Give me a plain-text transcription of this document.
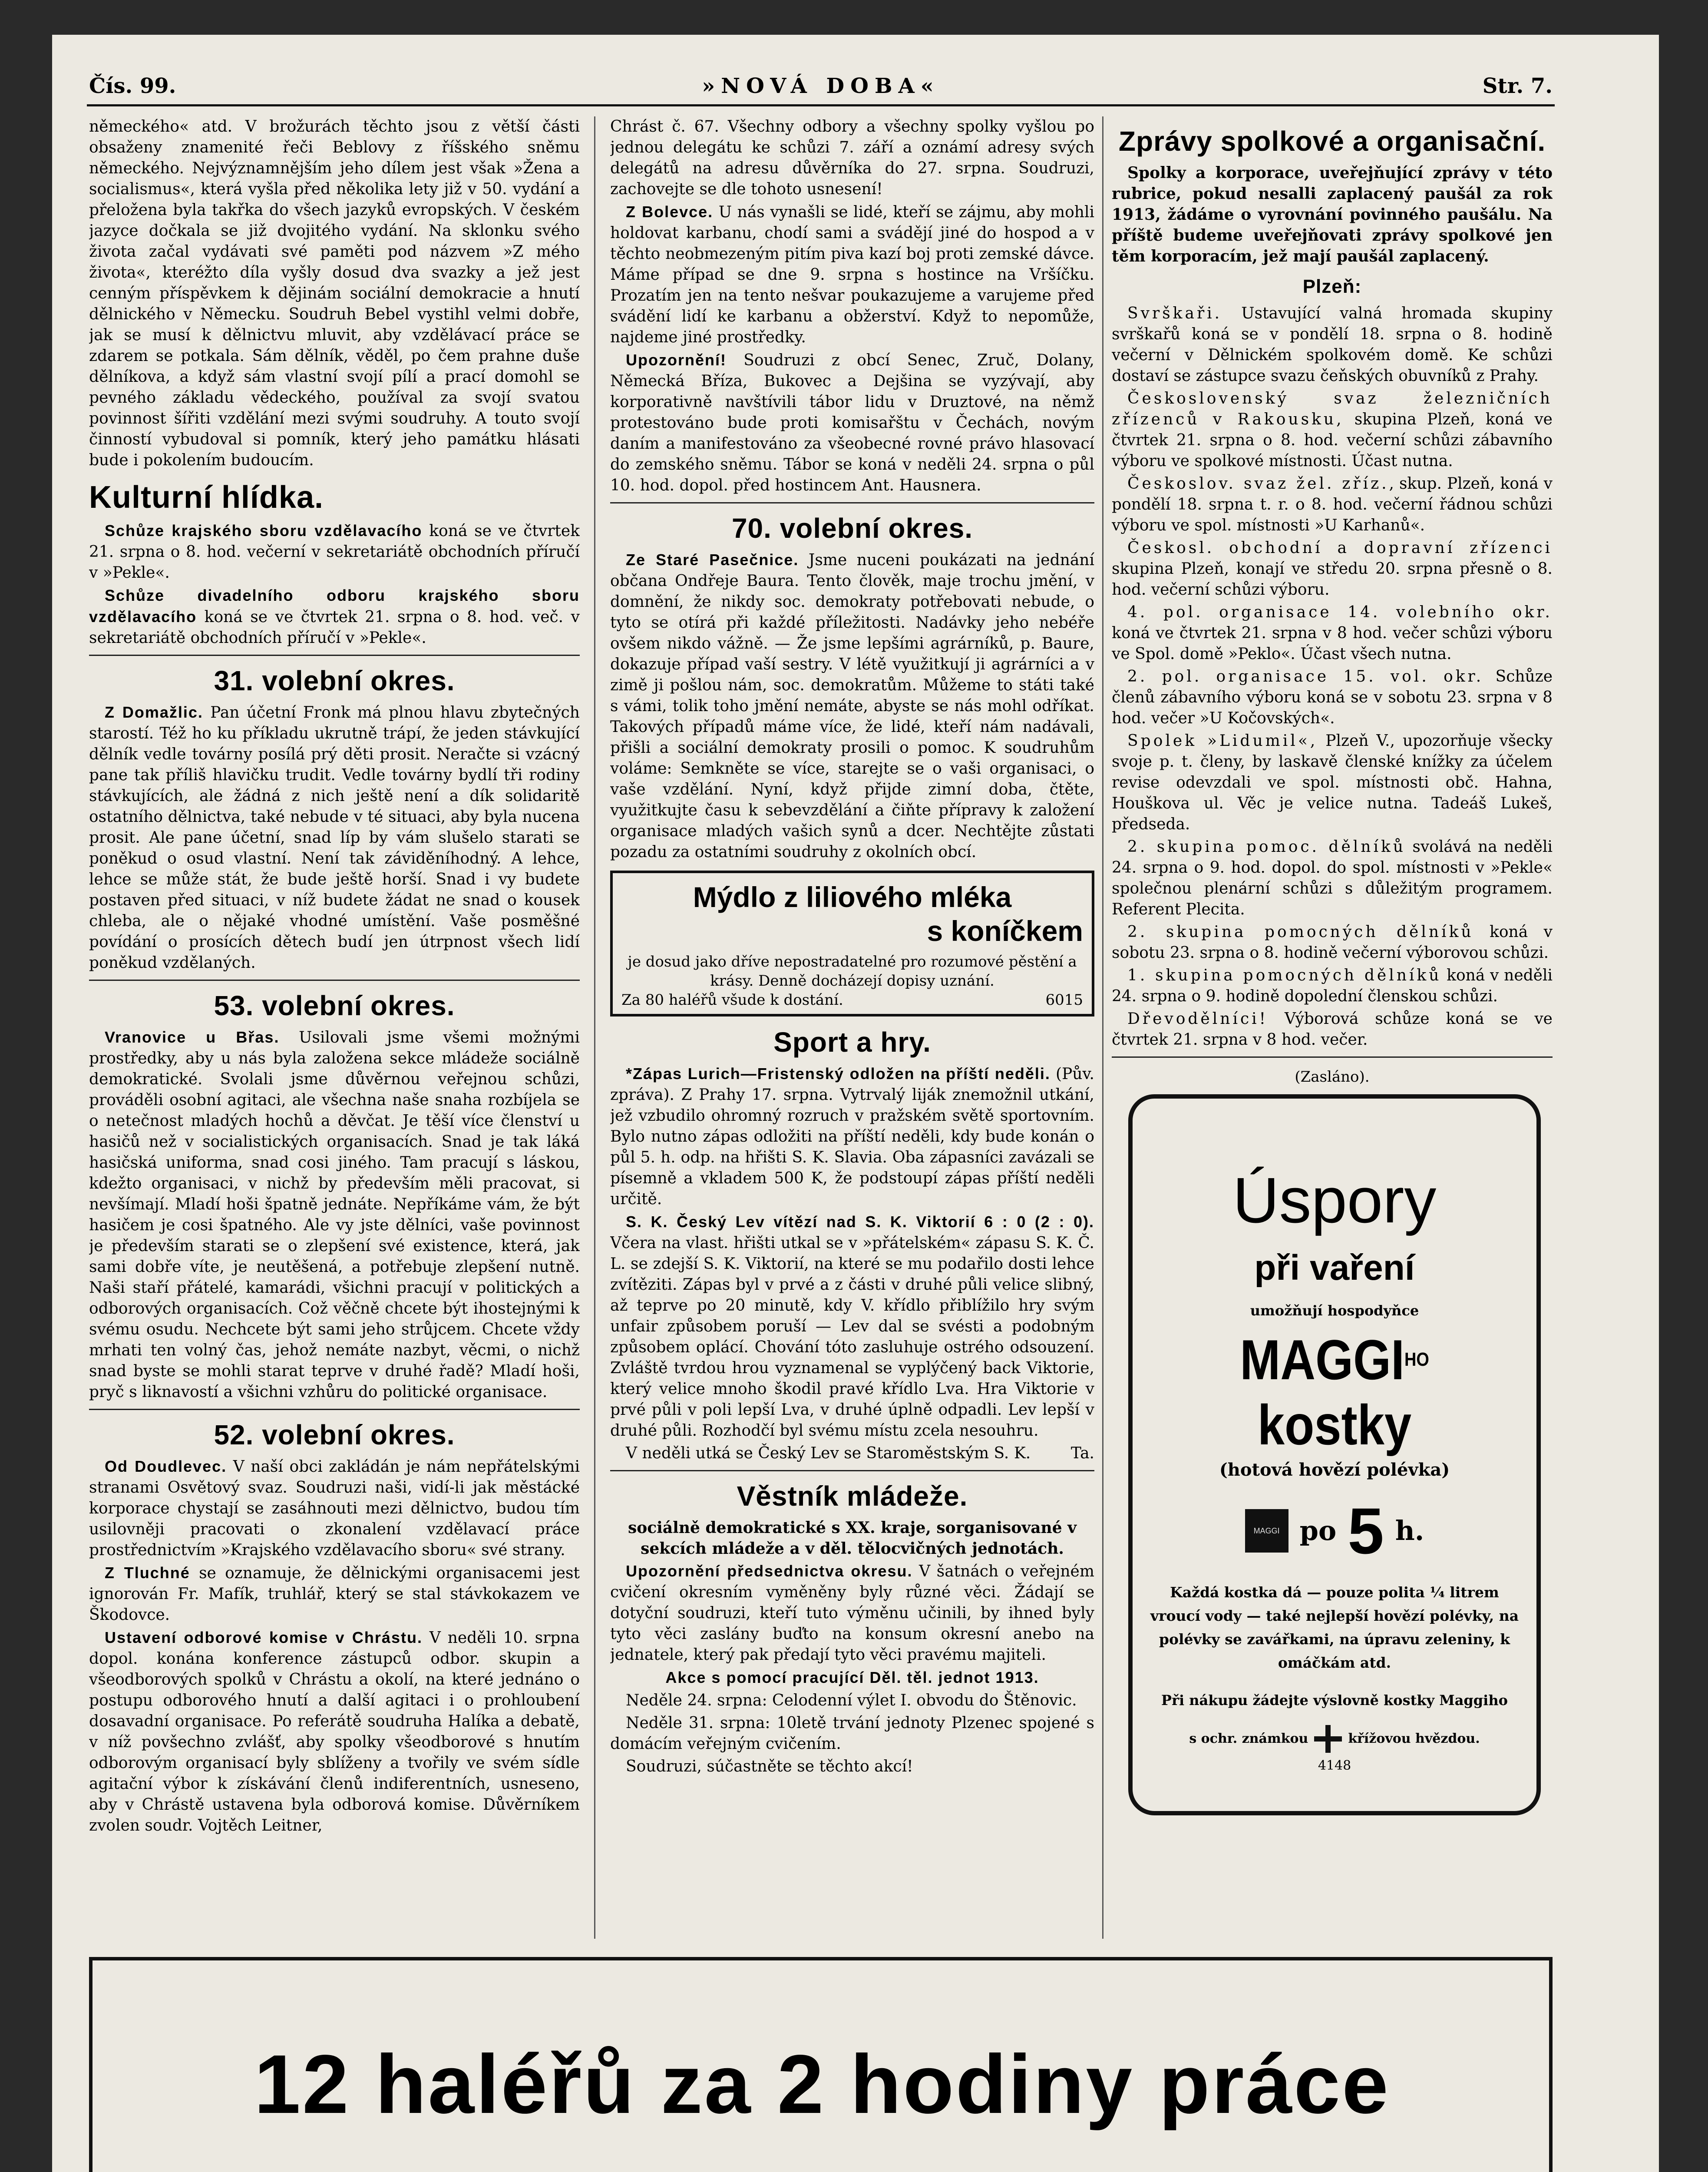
Čís. 99.	»NOVÁ DOBA«	Str. 7.

německého« atd. V brožurách těchto jsou z větší části obsaženy znamenité řeči Beblovy z říšského sněmu německého. Nejvýznamnějším jeho dílem jest však »Žena a socialismus«, která vyšla před několika lety již v 50. vydání a přeložena byla takřka do všech jazyků evropských. V českém jazyce dočkala se již dvojitého vydání. Na sklonku svého života začal vydávati své paměti pod názvem »Z mého života«, kteréžto díla vyšly dosud dva svazky a jež jest cenným příspěvkem k dějinám sociální demokracie a hnutí dělnického v Německu. Soudruh Bebel vystihl velmi dobře, jak se musí k dělnictvu mluvit, aby vzdělávací práce se zdarem se potkala. Sám dělník, věděl, po čem prahne duše dělníkova, a když sám vlastní svojí pílí a prací domohl se pevného základu vědeckého, používal za svojí svatou povinnost šířiti vzdělání mezi svými soudruhy. A touto svojí činností vybudoval si pomník, který jeho památku hlásati bude i pokolením budoucím.

Kulturní hlídka.

Schůze krajského sboru vzdělavacího koná se ve čtvrtek 21. srpna o 8. hod. večerní v sekretariátě obchodních příručí v »Pekle«.

Schůze divadelního odboru krajského sboru vzdělavacího koná se ve čtvrtek 21. srpna o 8. hod. več. v sekretariátě obchodních příručí v »Pekle«.

31. volební okres.

Z Domažlic. Pan účetní Fronk má plnou hlavu zbytečných starostí. Též ho ku příkladu ukrutně trápí, že jeden stávkující dělník vedle továrny posílá prý děti prosit. Neračte si vzácný pane tak příliš hlavičku trudit. Vedle továrny bydlí tři rodiny stávkujících, ale žádná z nich ještě není a dík solidaritě ostatního dělnictva, také nebude v té situaci, aby byla nucena prosit. Ale pane účetní, snad líp by vám slušelo starati se poněkud o osud vlastní. Není tak záviděníhodný. A lehce, lehce se může stát, že bude ještě horší. Snad i vy budete postaven před situaci, v níž budete žádat ne snad o kousek chleba, ale o nějaké vhodné umístění. Vaše posměšné povídání o prosících dětech budí jen útrpnost všech lidí poněkud vzdělaných.

53. volební okres.

Vranovice u Břas. Usilovali jsme všemi možnými prostředky, aby u nás byla založena sekce mládeže sociálně demokratické. Svolali jsme důvěrnou veřejnou schůzi, prováděli osobní agitaci, ale všechna naše snaha rozbíjela se o netečnost mladých hochů a děvčat. Je těší více členství u hasičů než v socialistických organisacích. Snad je tak láká hasičská uniforma, snad cosi jiného. Tam pracují s láskou, kdežto organisaci, v nichž by především měli pracovat, si nevšímají. Mladí hoši špatně jednáte. Nepříkáme vám, že být hasičem je cosi špatného. Ale vy jste dělníci, vaše povinnost je především starati se o zlepšení své existence, která, jak sami dobře víte, je neutěšená, a potřebuje zlepšení nutně. Naši staří přátelé, kamarádi, všichni pracují v politických a odborových organisacích. Což věčně chcete být ihostejnými k svému osudu. Nechcete být sami jeho strůjcem. Chcete vždy mrhati ten volný čas, jehož nemáte nazbyt, věcmi, o nichž snad byste se mohli starat teprve v druhé řadě? Mladí hoši, pryč s liknavostí a všichni vzhůru do politické organisace.

52. volební okres.

Od Doudlevec. V naší obci zakládán je nám nepřátelskými stranami Osvětový svaz. Soudruzi naši, vidí-li jak městácké korporace chystají se zasáhnouti mezi dělnictvo, budou tím usilovněji pracovati o zkonalení vzdělavací práce prostřednictvím »Krajského vzdělavacího sboru« své strany.

Z Tluchné se oznamuje, že dělnickými organisacemi jest ignorován Fr. Mafík, truhlář, který se stal stávkokazem ve Škodovce.

Ustavení odborové komise v Chrástu. V neděli 10. srpna dopol. konána konference zástupců odbor. skupin a všeodborových spolků v Chrástu a okolí, na které jednáno o postupu odborového hnutí a další agitaci i o prohloubení dosavadní organisace. Po referátě soudruha Halíka a debatě, v níž povšechno zvlášť, aby spolky všeodborové s hnutím odborovým organisací byly sblíženy a tvořily ve svém sídle agitační výbor k získávání členů indiferentních, usneseno, aby v Chrástě ustavena byla odborová komise. Důvěrníkem zvolen soudr. Vojtěch Leitner,

Chrást č. 67. Všechny odbory a všechny spolky vyšlou po jednou delegátu ke schůzi 7. září a oznámí adresy svých delegátů na adresu důvěrníka do 27. srpna. Soudruzi, zachovejte se dle tohoto usnesení!

Z Bolevce. U nás vynašli se lidé, kteří se zájmu, aby mohli holdovat karbanu, chodí sami a svádějí jiné do hospod a v těchto neobmezeným pitím piva kazí boj proti zemské dávce. Máme případ se dne 9. srpna s hostince na Vršíčku. Prozatím jen na tento nešvar poukazujeme a varujeme před svádění lidí ke karbanu a obžerství. Když to nepomůže, najdeme jiné prostředky.

Upozornění! Soudruzi z obcí Senec, Zruč, Dolany, Německá Bříza, Bukovec a Dejšina se vyzývají, aby korporativně navštívili tábor lidu v Druztové, na němž protestováno bude proti komisařštu v Čechách, novým daním a manifestováno za všeobecné rovné právo hlasovací do zemského sněmu. Tábor se koná v neděli 24. srpna o půl 10. hod. dopol. před hostincem Ant. Hausnera.

70. volební okres.

Ze Staré Pasečnice. Jsme nuceni poukázati na jednání občana Ondřeje Baura. Tento člověk, maje trochu jmění, v domnění, že nikdy soc. demokraty potřebovati nebude, o tyto se otírá při každé příležitosti. Nadávky jeho nebéře ovšem nikdo vážně. — Že jsme lepšími agrárníků, p. Baure, dokazuje případ vaší sestry. V létě využitkují ji agrárníci a v zimě ji pošlou nám, soc. demokratům. Můžeme to státi také s vámi, tolik toho jmění nemáte, abyste se nás mohl odříkat. Takových případů máme více, že lidé, kteří nám nadávali, přišli a sociální demokraty prosili o pomoc. K soudruhům voláme: Semkněte se více, starejte se o vaši organisaci, o vaše vzdělání. Nyní, když přijde zimní doba, čtěte, využitkujte času k sebevzdělání a čiňte přípravy k založení organisace mladých vašich synů a dcer. Nechtějte zůstati pozadu za ostatními soudruhy z okolních obcí.

Mýdlo z liliového mléka
s koníčkem
je dosud jako dříve nepostradatelné pro rozumové pěstění a krásy. Denně docházejí dopisy uznání.
Za 80 haléřů všude k dostání.	6015
Sport a hry.

*Zápas Lurich—Fristenský odložen na příští neděli. (Pův. zpráva). Z Prahy 17. srpna. Vytrvalý liják znemožnil utkání, jež vzbudilo ohromný rozruch v pražském světě sportovním. Bylo nutno zápas odložiti na příští neděli, kdy bude konán o půl 5. h. odp. na hřišti S. K. Slavia. Oba zápasníci zavázali se písemně a vkladem 500 K, že podstoupí zápas příští neděli určitě.

S. K. Český Lev vítězí nad S. K. Viktorií 6 : 0 (2 : 0). Včera na vlast. hřišti utkal se v »přátelském« zápasu S. K. Č. L. se zdejší S. K. Viktorií, na které se mu podařilo dosti lehce zvítěziti. Zápas byl v prvé a z části v druhé půli velice slibný, až teprve po 20 minutě, kdy V. křídlo přiblížilo hry svým unfair způsobem poruší — Lev dal se svésti a podobným způsobem oplácí. Chování tóto zasluhuje ostrého odsouzení. Zvláště tvrdou hrou vyznamenal se vyplýčený back Viktorie, který velice mnoho škodil pravé křídlo Lva. Hra Viktorie v prvé půli v poli lepší Lva, v druhé úplně odpadli. Lev lepší v druhé půli. Rozhodčí byl svému místu zcela nesouhru.

V neděli utká se Český Lev se Staroměstským S. K.	Ta.

Věstník mládeže.

sociálně demokratické s XX. kraje, sorganisované v sekcích mládeže a v děl. tělocvičných jednotách.

Upozornění předsednictva okresu. V šatnách o veřejném cvičení okresním vyměněny byly různé věci. Žádají se dotyční soudruzi, kteří tuto výměnu učinili, by ihned byly tyto věci zaslány buďto na konsum okresní anebo na jednatele, který pak předají tyto věci pravému majiteli.

Akce s pomocí pracující Děl. těl. jednot 1913.

Neděle 24. srpna: Celodenní výlet I. obvodu do Štěnovic.

Neděle 31. srpna: 10letě trvání jednoty Plzenec spojené s domácím veřejným cvičením.

Soudruzi, súčastněte se těchto akcí!

Zprávy spolkové a organisační.

Spolky a korporace, uveřejňující zprávy v této rubrice, pokud nesalli zaplacený paušál za rok 1913, žádáme o vyrovnání povinného paušálu. Na příště budeme uveřejňovati zprávy spolkové jen těm korporacím, jež mají paušál zaplacený.

Plzeň:

Svrškaři. Ustavující valná hromada skupiny svrškařů koná se v pondělí 18. srpna o 8. hodině večerní v Dělnickém spolkovém domě. Ke schůzi dostaví se zástupce svazu čeňských obuvníků z Prahy.

Československý svaz železničních zřízenců v Rakousku, skupina Plzeň, koná ve čtvrtek 21. srpna o 8. hod. večerní schůzi zábavního výboru ve spolkové místnosti. Účast nutna.

Českoslov. svaz žel. zříz., skup. Plzeň, koná v pondělí 18. srpna t. r. o 8. hod. večerní řádnou schůzi výboru ve spol. místnosti »U Karhanů«.

Českosl. obchodní a dopravní zřízenci skupina Plzeň, konají ve středu 20. srpna přesně o 8. hod. večerní schůzi výboru.

4. pol. organisace 14. volebního okr. koná ve čtvrtek 21. srpna v 8 hod. večer schůzi výboru ve Spol. domě »Peklo«. Účast všech nutna.

2. pol. organisace 15. vol. okr. Schůze členů zábavního výboru koná se v sobotu 23. srpna v 8 hod. večer »U Kočovských«.

Spolek »Lidumil«, Plzeň V., upozorňuje všecky svoje p. t. členy, by laskavě členské knížky za účelem revise odevzdali ve spol. místnosti obč. Hahna, Houškova ul. Věc je velice nutna. Tadeáš Lukeš, předseda.

2. skupina pomoc. dělníků svolává na neděli 24. srpna o 9. hod. dopol. do spol. místnosti v »Pekle« společnou plenární schůzi s důležitým programem. Referent Plecita.

2. skupina pomocných dělníků koná v sobotu 23. srpna o 8. hodině večerní výborovou schůzi.

1. skupina pomocných dělníků koná v neděli 24. srpna o 9. hodině dopolední členskou schůzi.

Dřevodělníci! Výborová schůze koná se ve čtvrtek 21. srpna v 8 hod. večer.

(Zasláno).
Úspory
při vaření
umožňují hospodyňce
$MAGGI^{HO}$ kostky
(hotová hovězí polévka)
MAGGI po 5 h.
Každá kostka dá — pouze polita ¼ litrem vroucí vody — také nejlepší hovězí polévky, na polévky se zavářkami, na úpravu zeleniny, k omáčkám atd.
Při nákupu žádejte výslovně kostky Maggiho
s ochr. známkou	křížovou hvězdou.
4148
12 haléřů za 2 hodiny práce
